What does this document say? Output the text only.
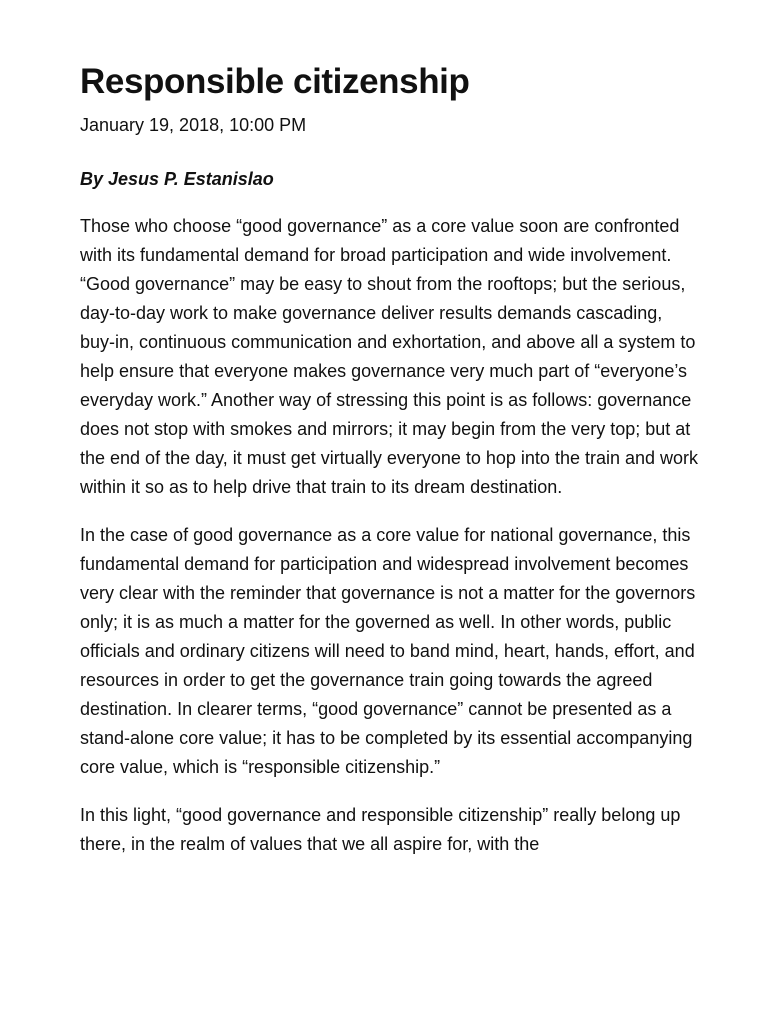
Responsible citizenship

January 19, 2018, 10:00 PM

By Jesus P. Estanislao

Those who choose “good governance” as a core value soon are confronted with its fundamental demand for broad participation and wide involvement. “Good governance” may be easy to shout from the rooftops; but the serious, day-to-day work to make governance deliver results demands cascading, buy-in, continuous communication and exhortation, and above all a system to help ensure that everyone makes governance very much part of “everyone’s everyday work.” Another way of stressing this point is as follows: governance does not stop with smokes and mirrors; it may begin from the very top; but at the end of the day, it must get virtually everyone to hop into the train and work within it so as to help drive that train to its dream destination.

In the case of good governance as a core value for national governance, this fundamental demand for participation and widespread involvement becomes very clear with the reminder that governance is not a matter for the governors only; it is as much a matter for the governed as well. In other words, public officials and ordinary citizens will need to band mind, heart, hands, effort, and resources in order to get the governance train going towards the agreed destination. In clearer terms, “good governance” cannot be presented as a stand-alone core value; it has to be completed by its essential accompanying core value, which is “responsible citizenship.”

In this light, “good governance and responsible citizenship” really belong up there, in the realm of values that we all aspire for, with the
